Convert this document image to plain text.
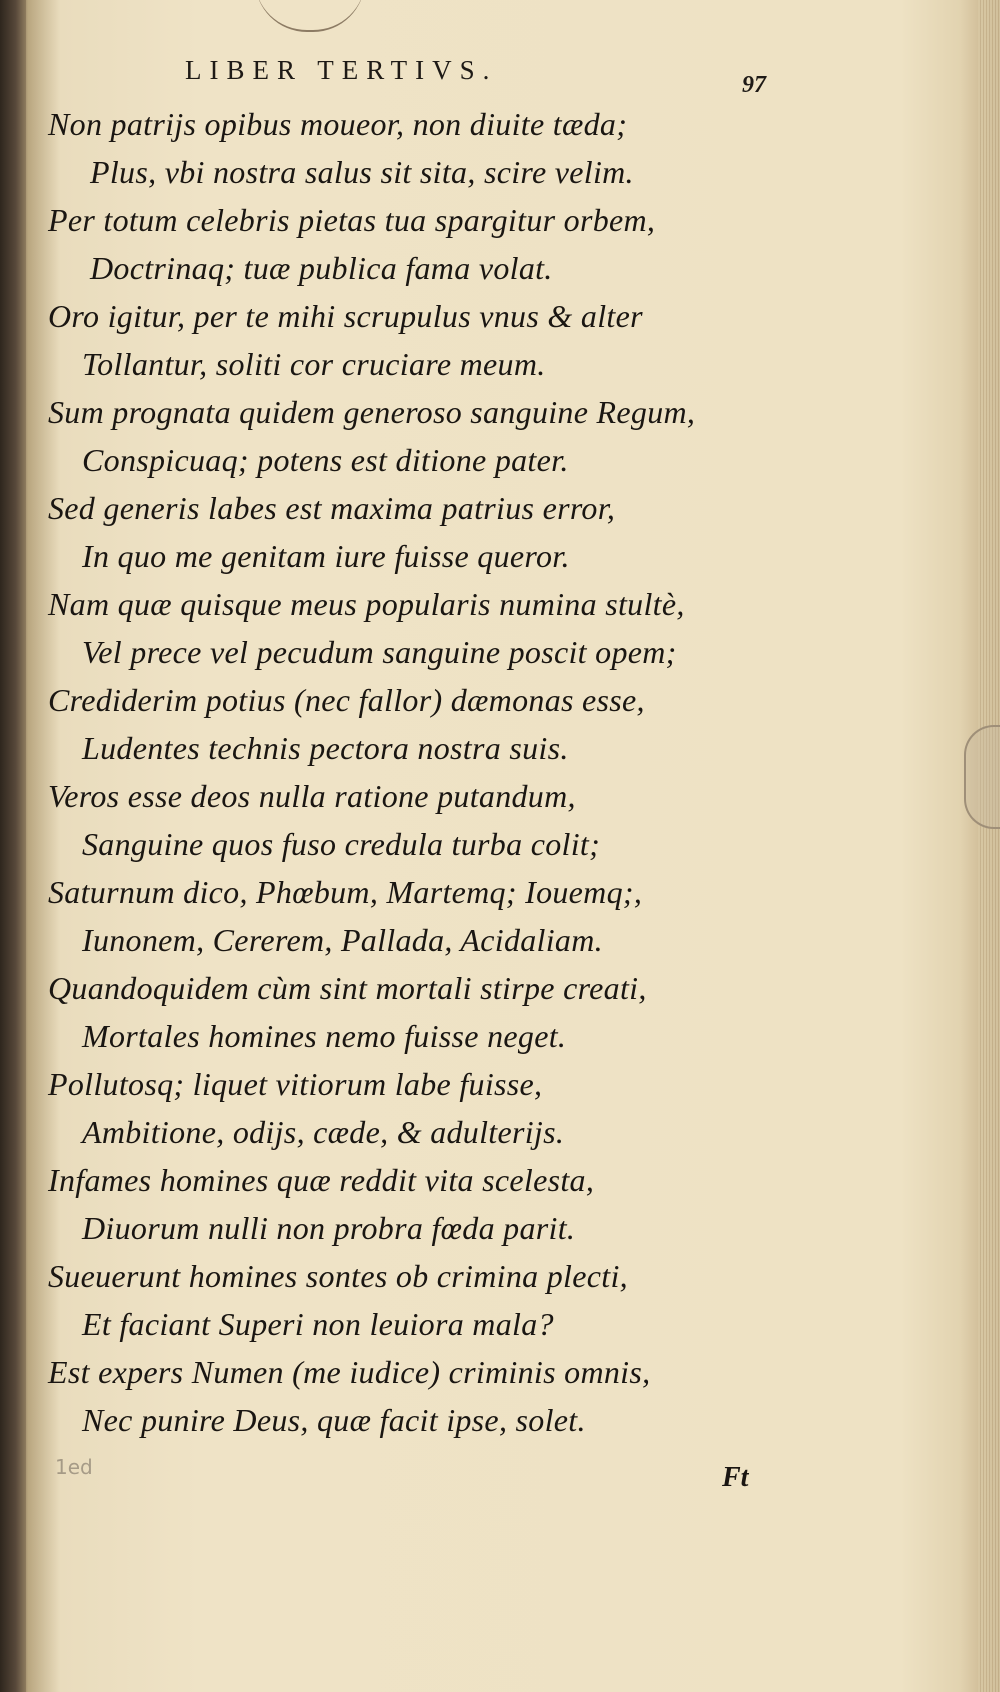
LIBER TERTIVS.	97
Non patrijs opibus moueor, non diuite tæda;
Plus, vbi nostra salus sit sita, scire velim.
Per totum celebris pietas tua spargitur orbem,
Doctrinaq; tuæ publica fama volat.
Oro igitur, per te mihi scrupulus vnus & alter
Tollantur, soliti cor cruciare meum.
Sum prognata quidem generoso sanguine Regum,
Conspicuaq; potens est ditione pater.
Sed generis labes est maxima patrius error,
In quo me genitam iure fuisse queror.
Nam quæ quisque meus popularis numina stultè,
Vel prece vel pecudum sanguine poscit opem;
Crediderim potius (nec fallor) dæmonas esse,
Ludentes technis pectora nostra suis.
Veros esse deos nulla ratione putandum,
Sanguine quos fuso credula turba colit;
Saturnum dico, Phœbum, Martemq; Iouemq;,
Iunonem, Cererem, Pallada, Acidaliam.
Quandoquidem cùm sint mortali stirpe creati,
Mortales homines nemo fuisse neget.
Pollutosq; liquet vitiorum labe fuisse,
Ambitione, odijs, cæde, & adulterijs.
Infames homines quæ reddit vita scelesta,
Diuorum nulli non probra fœda parit.
Sueuerunt homines sontes ob crimina plecti,
Et faciant Superi non leuiora mala?
Est expers Numen (me iudice) criminis omnis,
Nec punire Deus, quæ facit ipse, solet.
Ft
1ed
